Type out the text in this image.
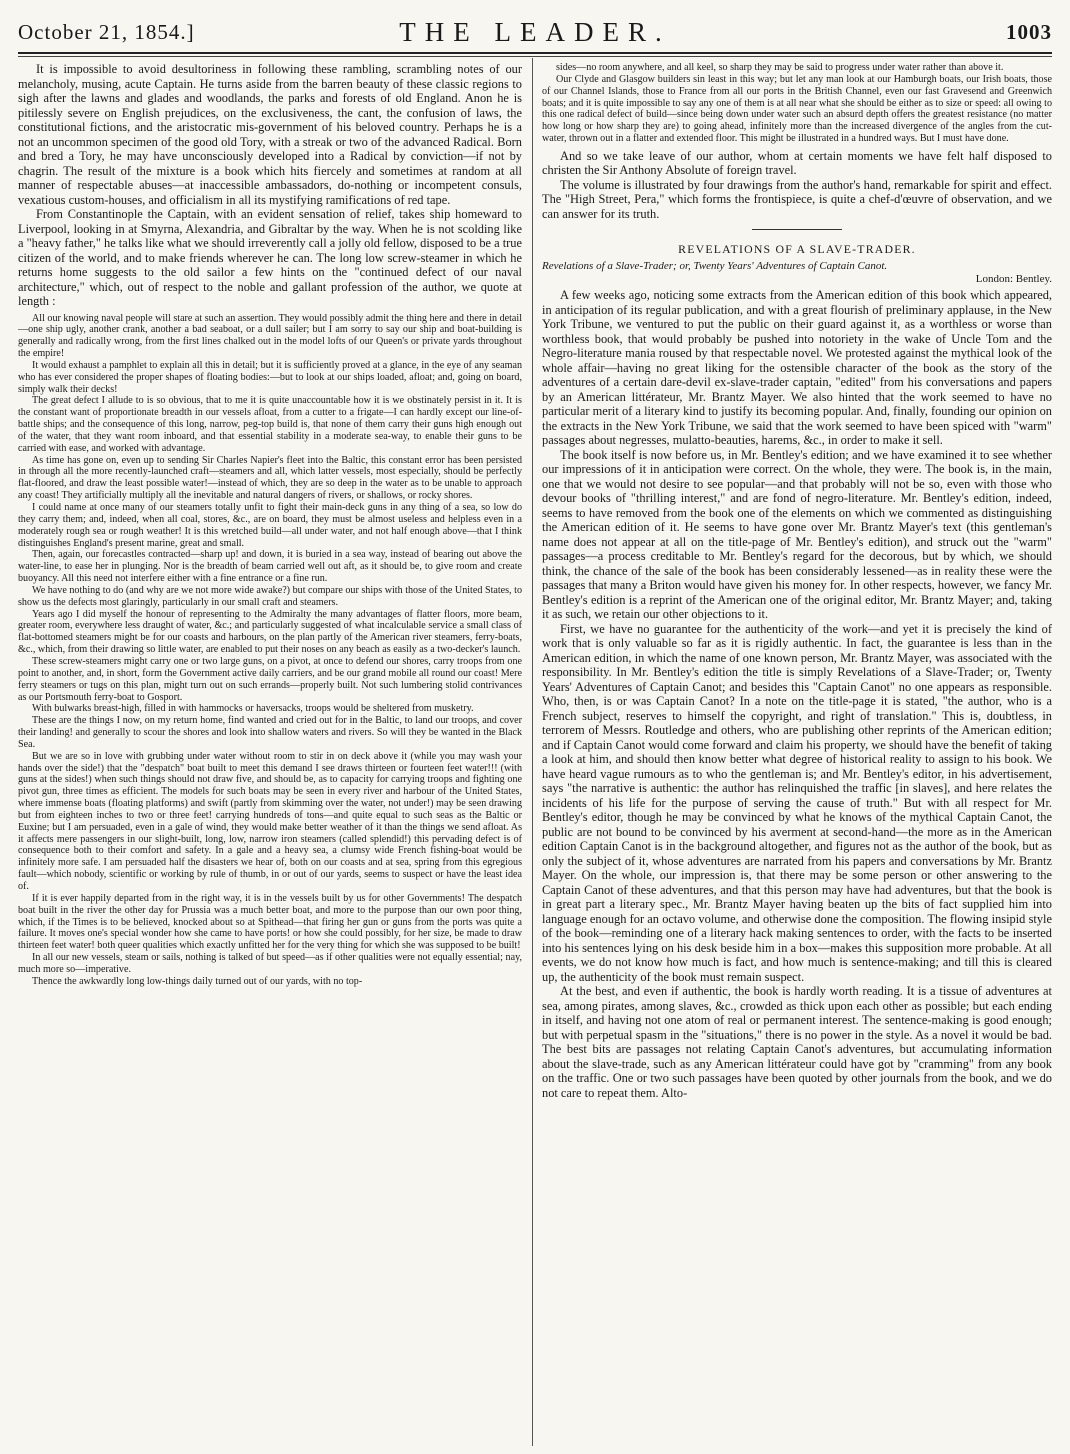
October 21, 1854.]	THE LEADER.	1003

It is impossible to avoid desultoriness in following these rambling, scrambling notes of our melancholy, musing, acute Captain. He turns aside from the barren beauty of these classic regions to sigh after the lawns and glades and woodlands, the parks and forests of old England. Anon he is pitilessly severe on English prejudices, on the exclusiveness, the cant, the confusion of laws, the constitutional fictions, and the aristocratic mis-government of his beloved country. Perhaps he is a not an uncommon specimen of the good old Tory, with a streak or two of the advanced Radical. Born and bred a Tory, he may have unconsciously developed into a Radical by conviction—if not by chagrin. The result of the mixture is a book which hits fiercely and sometimes at random at all manner of respectable abuses—at inaccessible ambassadors, do-nothing or incompetent consuls, vexatious custom-houses, and officialism in all its mystifying ramifications of red tape.

From Constantinople the Captain, with an evident sensation of relief, takes ship homeward to Liverpool, looking in at Smyrna, Alexandria, and Gibraltar by the way. When he is not scolding like a "heavy father," he talks like what we should irreverently call a jolly old fellow, disposed to be a true citizen of the world, and to make friends wherever he can. The long low screw-steamer in which he returns home suggests to the old sailor a few hints on the "continued defect of our naval architecture," which, out of respect to the noble and gallant profession of the author, we quote at length :

All our knowing naval people will stare at such an assertion. They would possibly admit the thing here and there in detail—one ship ugly, another crank, another a bad seaboat, or a dull sailer; but I am sorry to say our ship and boat-building is generally and radically wrong, from the first lines chalked out in the model lofts of our Queen's or private yards throughout the empire!

It would exhaust a pamphlet to explain all this in detail; but it is sufficiently proved at a glance, in the eye of any seaman who has ever considered the proper shapes of floating bodies:—but to look at our ships loaded, afloat; and, going on board, simply walk their decks!

The great defect I allude to is so obvious, that to me it is quite unaccountable how it is we obstinately persist in it. It is the constant want of proportionate breadth in our vessels afloat, from a cutter to a frigate—I can hardly except our line-of-battle ships; and the consequence of this long, narrow, peg-top build is, that none of them carry their guns high enough out of the water, that they want room inboard, and that essential stability in a moderate sea-way, to enable their guns to be carried with ease, and worked with advantage.

As time has gone on, even up to sending Sir Charles Napier's fleet into the Baltic, this constant error has been persisted in through all the more recently-launched craft—steamers and all, which latter vessels, most especially, should be perfectly flat-floored, and draw the least possible water!—instead of which, they are so deep in the water as to be unable to approach any coast! They artificially multiply all the inevitable and natural dangers of rivers, or shallows, or rocky shores.

I could name at once many of our steamers totally unfit to fight their main-deck guns in any thing of a sea, so low do they carry them; and, indeed, when all coal, stores, &c., are on board, they must be almost useless and helpless even in a moderately rough sea or rough weather! It is this wretched build—all under water, and not half enough above—that I think distinguishes England's present marine, great and small.

Then, again, our forecastles contracted—sharp up! and down, it is buried in a sea way, instead of bearing out above the water-line, to ease her in plunging. Nor is the breadth of beam carried well out aft, as it should be, to give room and create buoyancy. All this need not interfere either with a fine entrance or a fine run.

We have nothing to do (and why are we not more wide awake?) but compare our ships with those of the United States, to show us the defects most glaringly, particularly in our small craft and steamers.

Years ago I did myself the honour of representing to the Admiralty the many advantages of flatter floors, more beam, greater room, everywhere less draught of water, &c.; and particularly suggested of what incalculable service a small class of flat-bottomed steamers might be for our coasts and harbours, on the plan partly of the American river steamers, ferry-boats, &c., which, from their drawing so little water, are enabled to put their noses on any beach as easily as a two-decker's launch.

These screw-steamers might carry one or two large guns, on a pivot, at once to defend our shores, carry troops from one point to another, and, in short, form the Government active daily carriers, and be our grand mobile all round our coast! Mere ferry steamers or tugs on this plan, might turn out on such errands—properly built. Not such lumbering stolid contrivances as our Portsmouth ferry-boat to Gosport.

With bulwarks breast-high, filled in with hammocks or haversacks, troops would be sheltered from musketry.

These are the things I now, on my return home, find wanted and cried out for in the Baltic, to land our troops, and cover their landing! and generally to scour the shores and look into shallow waters and rivers. So will they be wanted in the Black Sea.

But we are so in love with grubbing under water without room to stir in on deck above it (while you may wash your hands over the side!) that the "despatch" boat built to meet this demand I see draws thirteen or fourteen feet water!!! (with guns at the sides!) when such things should not draw five, and should be, as to capacity for carrying troops and fighting one pivot gun, three times as efficient. The models for such boats may be seen in every river and harbour of the United States, where immense boats (floating platforms) and swift (partly from skimming over the water, not under!) may be seen drawing but from eighteen inches to two or three feet! carrying hundreds of tons—and quite equal to such seas as the Baltic or Euxine; but I am persuaded, even in a gale of wind, they would make better weather of it than the things we send afloat. As it affects mere passengers in our slight-built, long, low, narrow iron steamers (called splendid!) this pervading defect is of consequence both to their comfort and safety. In a gale and a heavy sea, a clumsy wide French fishing-boat would be infinitely more safe. I am persuaded half the disasters we hear of, both on our coasts and at sea, spring from this egregious fault—which nobody, scientific or working by rule of thumb, in or out of our yards, seems to suspect or have the least idea of.

If it is ever happily departed from in the right way, it is in the vessels built by us for other Governments! The despatch boat built in the river the other day for Prussia was a much better boat, and more to the purpose than our own poor thing, which, if the Times is to be believed, knocked about so at Spithead—that firing her gun or guns from the ports was quite a failure. It moves one's special wonder how she came to have ports! or how she could possibly, for her size, be made to draw thirteen feet water! both queer qualities which exactly unfitted her for the very thing for which she was supposed to be built!

In all our new vessels, steam or sails, nothing is talked of but speed—as if other qualities were not equally essential; nay, much more so—imperative.

Thence the awkwardly long low-things daily turned out of our yards, with no top-

sides—no room anywhere, and all keel, so sharp they may be said to progress under water rather than above it.

Our Clyde and Glasgow builders sin least in this way; but let any man look at our Hamburgh boats, our Irish boats, those of our Channel Islands, those to France from all our ports in the British Channel, even our fast Gravesend and Greenwich boats; and it is quite impossible to say any one of them is at all near what she should be either as to size or speed: all owing to this one radical defect of build—since being down under water such an absurd depth offers the greatest resistance (no matter how long or how sharp they are) to going ahead, infinitely more than the increased divergence of the angles from the cut-water, thrown out in a flatter and extended floor. This might be illustrated in a hundred ways. But I must have done.

And so we take leave of our author, whom at certain moments we have felt half disposed to christen the Sir Anthony Absolute of foreign travel.

The volume is illustrated by four drawings from the author's hand, remarkable for spirit and effect. The "High Street, Pera," which forms the frontispiece, is quite a chef-d'œuvre of observation, and we can answer for its truth.

REVELATIONS OF A SLAVE-TRADER.
Revelations of a Slave-Trader; or, Twenty Years' Adventures of Captain Canot.
London: Bentley.

A few weeks ago, noticing some extracts from the American edition of this book which appeared, in anticipation of its regular publication, and with a great flourish of preliminary applause, in the New York Tribune, we ventured to put the public on their guard against it, as a worthless or worse than worthless book, that would probably be pushed into notoriety in the wake of Uncle Tom and the Negro-literature mania roused by that respectable novel. We protested against the mythical look of the whole affair—having no great liking for the ostensible character of the book as the story of the adventures of a certain dare-devil ex-slave-trader captain, "edited" from his conversations and papers by an American littérateur, Mr. Brantz Mayer. We also hinted that the work seemed to have no particular merit of a literary kind to justify its becoming popular. And, finally, founding our opinion on the extracts in the New York Tribune, we said that the work seemed to have been spiced with "warm" passages about negresses, mulatto-beauties, harems, &c., in order to make it sell.

The book itself is now before us, in Mr. Bentley's edition; and we have examined it to see whether our impressions of it in anticipation were correct. On the whole, they were. The book is, in the main, one that we would not desire to see popular—and that probably will not be so, even with those who devour books of "thrilling interest," and are fond of negro-literature. Mr. Bentley's edition, indeed, seems to have removed from the book one of the elements on which we commented as distinguishing the American edition of it. He seems to have gone over Mr. Brantz Mayer's text (this gentleman's name does not appear at all on the title-page of Mr. Bentley's edition), and struck out the "warm" passages—a process creditable to Mr. Bentley's regard for the decorous, but by which, we should think, the chance of the sale of the book has been considerably lessened—as in reality these were the passages that many a Briton would have given his money for. In other respects, however, we fancy Mr. Bentley's edition is a reprint of the American one of the original editor, Mr. Brantz Mayer; and, taking it as such, we retain our other objections to it.

First, we have no guarantee for the authenticity of the work—and yet it is precisely the kind of work that is only valuable so far as it is rigidly authentic. In fact, the guarantee is less than in the American edition, in which the name of one known person, Mr. Brantz Mayer, was associated with the responsibility. In Mr. Bentley's edition the title is simply Revelations of a Slave-Trader; or, Twenty Years' Adventures of Captain Canot; and besides this "Captain Canot" no one appears as responsible. Who, then, is or was Captain Canot? In a note on the title-page it is stated, "the author, who is a French subject, reserves to himself the copyright, and right of translation." This is, doubtless, in terrorem of Messrs. Routledge and others, who are publishing other reprints of the American edition; and if Captain Canot would come forward and claim his property, we should have the benefit of taking a look at him, and should then know better what degree of historical reality to assign to his book. We have heard vague rumours as to who the gentleman is; and Mr. Bentley's editor, in his advertisement, says "the narrative is authentic: the author has relinquished the traffic [in slaves], and here relates the incidents of his life for the purpose of serving the cause of truth." But with all respect for Mr. Bentley's editor, though he may be convinced by what he knows of the mythical Captain Canot, the public are not bound to be convinced by his averment at second-hand—the more as in the American edition Captain Canot is in the background altogether, and figures not as the author of the book, but as only the subject of it, whose adventures are narrated from his papers and conversations by Mr. Brantz Mayer. On the whole, our impression is, that there may be some person or other answering to the Captain Canot of these adventures, and that this person may have had adventures, but that the book is in great part a literary spec., Mr. Brantz Mayer having beaten up the bits of fact supplied him into language enough for an octavo volume, and otherwise done the composition. The flowing insipid style of the book—reminding one of a literary hack making sentences to order, with the facts to be inserted into his sentences lying on his desk beside him in a box—makes this supposition more probable. At all events, we do not know how much is fact, and how much is sentence-making; and till this is cleared up, the authenticity of the book must remain suspect.

At the best, and even if authentic, the book is hardly worth reading. It is a tissue of adventures at sea, among pirates, among slaves, &c., crowded as thick upon each other as possible; but each ending in itself, and having not one atom of real or permanent interest. The sentence-making is good enough; but with perpetual spasm in the "situations," there is no power in the style. As a novel it would be bad. The best bits are passages not relating Captain Canot's adventures, but accumulating information about the slave-trade, such as any American littérateur could have got by "cramming" from any book on the traffic. One or two such passages have been quoted by other journals from the book, and we do not care to repeat them. Alto-
